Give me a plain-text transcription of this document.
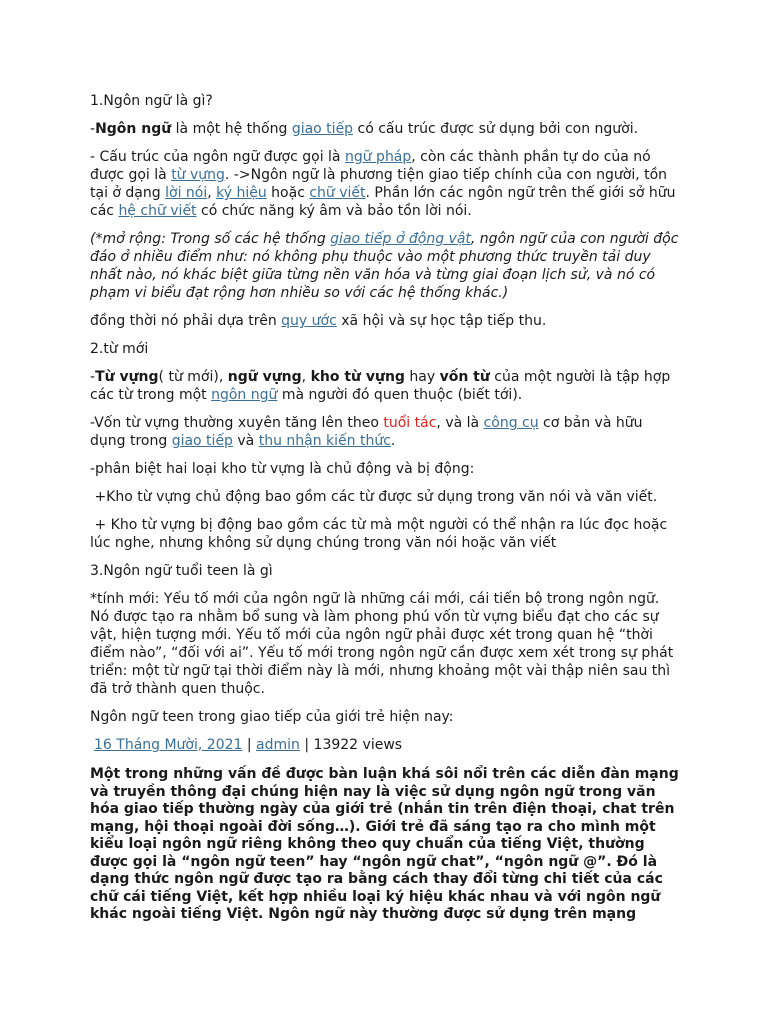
1.Ngôn ngữ là gì?

-Ngôn ngữ là một hệ thống giao tiếp có cấu trúc được sử dụng bởi con người.

- Cấu trúc của ngôn ngữ được gọi là ngữ pháp, còn các thành phần tự do của nó được gọi là từ vựng. ->Ngôn ngữ là phương tiện giao tiếp chính của con người, tồn tại ở dạng lời nói, ký hiệu hoặc chữ viết. Phần lớn các ngôn ngữ trên thế giới sở hữu các hệ chữ viết có chức năng ký âm và bảo tồn lời nói.

(*mở rộng: Trong số các hệ thống giao tiếp ở động vật, ngôn ngữ của con người độc đáo ở nhiều điểm như: nó không phụ thuộc vào một phương thức truyền tải duy nhất nào, nó khác biệt giữa từng nền văn hóa và từng giai đoạn lịch sử, và nó có phạm vi biểu đạt rộng hơn nhiều so với các hệ thống khác.)

đồng thời nó phải dựa trên quy ước xã hội và sự học tập tiếp thu.

2.từ mới

-Từ vựng( từ mới), ngữ vựng, kho từ vựng hay vốn từ của một người là tập hợp các từ trong một ngôn ngữ mà người đó quen thuộc (biết tới).

-Vốn từ vựng thường xuyên tăng lên theo tuổi tác, và là công cụ cơ bản và hữu dụng trong giao tiếp và thu nhận kiến thức.

-phân biệt hai loại kho từ vựng là chủ động và bị động:

+Kho từ vựng chủ động bao gồm các từ được sử dụng trong văn nói và văn viết.

+ Kho từ vựng bị động bao gồm các từ mà một người có thể nhận ra lúc đọc hoặc lúc nghe, nhưng không sử dụng chúng trong văn nói hoặc văn viết

3.Ngôn ngữ tuổi teen là gì

*tính mới: Yếu tố mới của ngôn ngữ là những cái mới, cái tiến bộ trong ngôn ngữ. Nó được tạo ra nhằm bổ sung và làm phong phú vốn từ vựng biểu đạt cho các sự vật, hiện tượng mới. Yếu tố mới của ngôn ngữ phải được xét trong quan hệ “thời điểm nào”, “đối với ai”. Yếu tố mới trong ngôn ngữ cần được xem xét trong sự phát triển: một từ ngữ tại thời điểm này là mới, nhưng khoảng một vài thập niên sau thì đã trở thành quen thuộc.

Ngôn ngữ teen trong giao tiếp của giới trẻ hiện nay:

16 Tháng Mười, 2021 | admin | 13922 views

Một trong những vấn đề được bàn luận khá sôi nổi trên các diễn đàn mạng và truyền thông đại chúng hiện nay là việc sử dụng ngôn ngữ trong văn hóa giao tiếp thường ngày của giới trẻ (nhắn tin trên điện thoại, chat trên mạng, hội thoại ngoài đời sống…). Giới trẻ đã sáng tạo ra cho mình một kiểu loại ngôn ngữ riêng không theo quy chuẩn của tiếng Việt, thường được gọi là “ngôn ngữ teen” hay “ngôn ngữ chat”, “ngôn ngữ @”. Đó là dạng thức ngôn ngữ được tạo ra bằng cách thay đổi từng chi tiết của các chữ cái tiếng Việt, kết hợp nhiều loại ký hiệu khác nhau và với ngôn ngữ khác ngoài tiếng Việt. Ngôn ngữ này thường được sử dụng trên mạng
